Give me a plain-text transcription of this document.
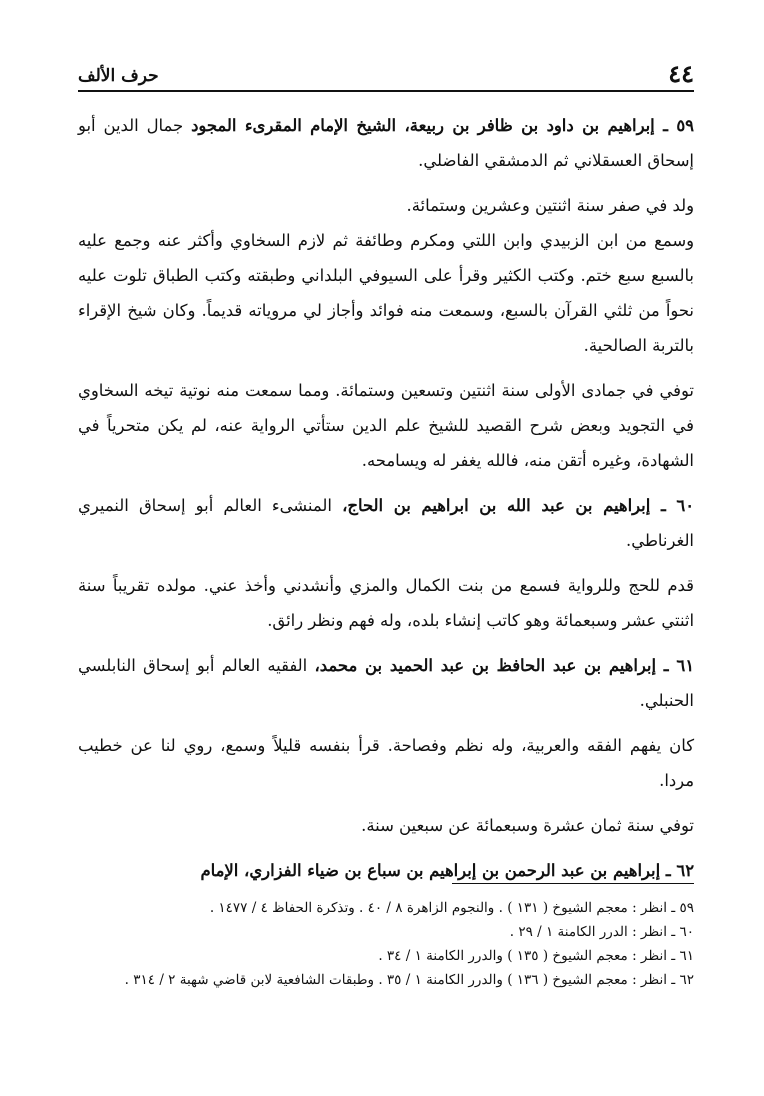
٤٤
حرف الألف

٥٩ ـ إبراهيم بن داود بن ظافر بن ربيعة، الشيخ الإمام المقرىء المجود جمال الدين أبو إسحاق العسقلاني ثم الدمشقي الفاضلي.

ولد في صفر سنة اثنتين وعشرين وستمائة.

وسمع من ابن الزبيدي وابن اللتي ومكرم وطائفة ثم لازم السخاوي وأكثر عنه وجمع عليه بالسبع سبع ختم. وكتب الكثير وقرأ على السيوفي البلداني وطبقته وكتب الطباق تلوت عليه نحواً من ثلثي القرآن بالسبع، وسمعت منه فوائد وأجاز لي مروياته قديماً. وكان شيخ الإقراء بالتربة الصالحية.

توفي في جمادى الأولى سنة اثنتين وتسعين وستمائة. ومما سمعت منه نوتية تيخه السخاوي في التجويد وبعض شرح القصيد للشيخ علم الدين ستأتي الرواية عنه، لم يكن متحرياً في الشهادة، وغيره أتقن منه، فالله يغفر له ويسامحه.

٦٠ ـ إبراهيم بن عبد الله بن ابراهيم بن الحاج، المنشىء العالم أبو إسحاق النميري الغرناطي.

قدم للحج وللرواية فسمع من بنت الكمال والمزي وأنشدني وأخذ عني. مولده تقريباً سنة اثنتي عشر وسبعمائة وهو كاتب إنشاء بلده، وله فهم ونظر رائق.

٦١ ـ إبراهيم بن عبد الحافظ بن عبد الحميد بن محمد، الفقيه العالم أبو إسحاق النابلسي الحنبلي.

كان يفهم الفقه والعربية، وله نظم وفصاحة. قرأ بنفسه قليلاً وسمع، روي لنا عن خطيب مردا.

توفي سنة ثمان عشرة وسبعمائة عن سبعين سنة.

٦٢ ـ إبراهيم بن عبد الرحمن بن إبراهيم بن سباع بن ضياء الفزاري، الإمام

٥٩ ـ انظر : معجم الشيوخ ( ١٣١ ) . والنجوم الزاهرة ٨ / ٤٠ . وتذكرة الحفاظ ٤ / ١٤٧٧ .

٦٠ ـ انظر : الدرر الكامنة ١ / ٢٩ .

٦١ ـ انظر : معجم الشيوخ ( ١٣٥ ) والدرر الكامنة ١ / ٣٤ .

٦٢ ـ انظر : معجم الشيوخ ( ١٣٦ ) والدرر الكامنة ١ / ٣٥ . وطبقات الشافعية لابن قاضي شهبة ٢ / ٣١٤ .
